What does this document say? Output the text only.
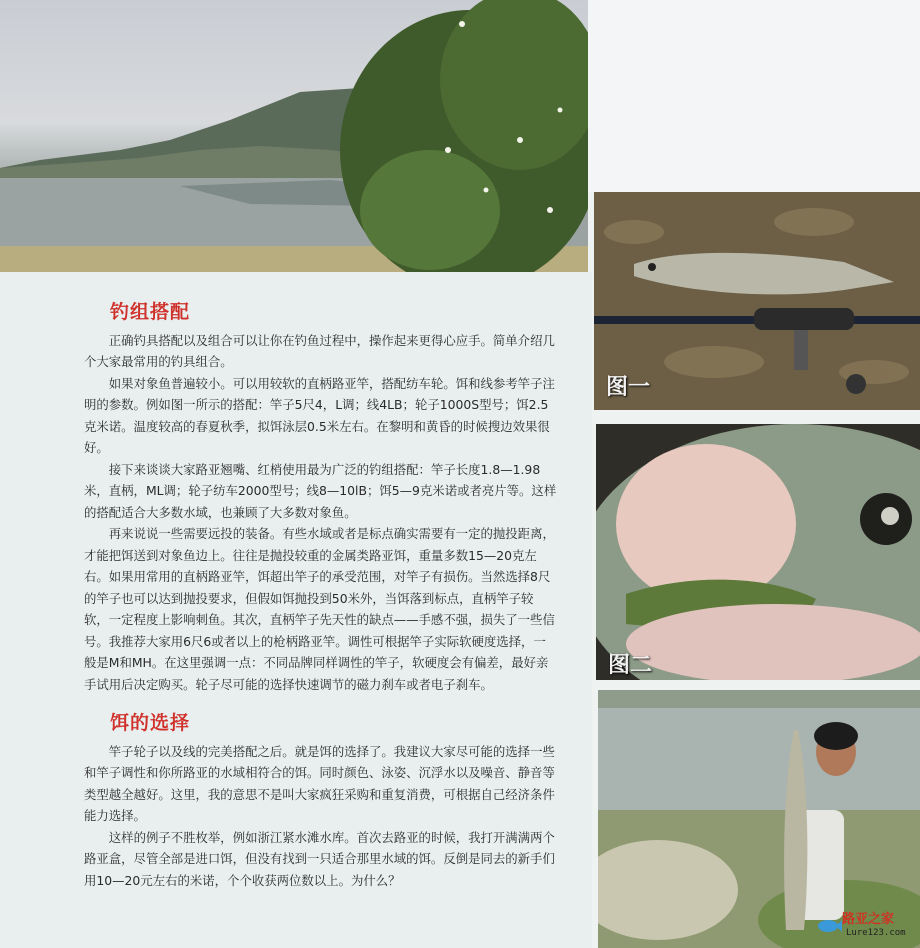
钓组搭配

正确钓具搭配以及组合可以让你在钓鱼过程中，操作起来更得心应手。简单介绍几个大家最常用的钓具组合。

如果对象鱼普遍较小。可以用较软的直柄路亚竿，搭配纺车轮。饵和线参考竿子注明的参数。例如图一所示的搭配：竿子5尺4，L调；线4LB；轮子1000S型号；饵2.5克米诺。温度较高的春夏秋季，拟饵泳层0.5米左右。在黎明和黄昏的时候搜边效果很好。

接下来谈谈大家路亚翘嘴、红梢使用最为广泛的钓组搭配：竿子长度1.8—1.98米，直柄，ML调；轮子纺车2000型号；线8—10lB；饵5—9克米诺或者亮片等。这样的搭配适合大多数水域，也兼顾了大多数对象鱼。

再来说说一些需要远投的装备。有些水域或者是标点确实需要有一定的抛投距离，才能把饵送到对象鱼边上。往往是抛投较重的金属类路亚饵，重量多数15—20克左右。如果用常用的直柄路亚竿，饵超出竿子的承受范围，对竿子有损伤。当然选择8尺的竿子也可以达到抛投要求，但假如饵抛投到50米外，当饵落到标点，直柄竿子较软，一定程度上影响刺鱼。其次，直柄竿子先天性的缺点——手感不强，损失了一些信号。我推荐大家用6尺6或者以上的枪柄路亚竿。调性可根据竿子实际软硬度选择，一般是M和MH。在这里强调一点：不同品牌同样调性的竿子，软硬度会有偏差，最好亲手试用后决定购买。轮子尽可能的选择快速调节的磁力刹车或者电子刹车。

饵的选择

竿子轮子以及线的完美搭配之后。就是饵的选择了。我建议大家尽可能的选择一些和竿子调性和你所路亚的水域相符合的饵。同时颜色、泳姿、沉浮水以及噪音、静音等类型越全越好。这里，我的意思不是叫大家疯狂采购和重复消费，可根据自己经济条件能力选择。

这样的例子不胜枚举，例如浙江紧水滩水库。首次去路亚的时候，我打开满满两个路亚盒，尽管全部是进口饵，但没有找到一只适合那里水域的饵。反倒是同去的新手们用10—20元左右的米诺，个个收获两位数以上。为什么？

图一
图二
路亚之家
Lure123.com
